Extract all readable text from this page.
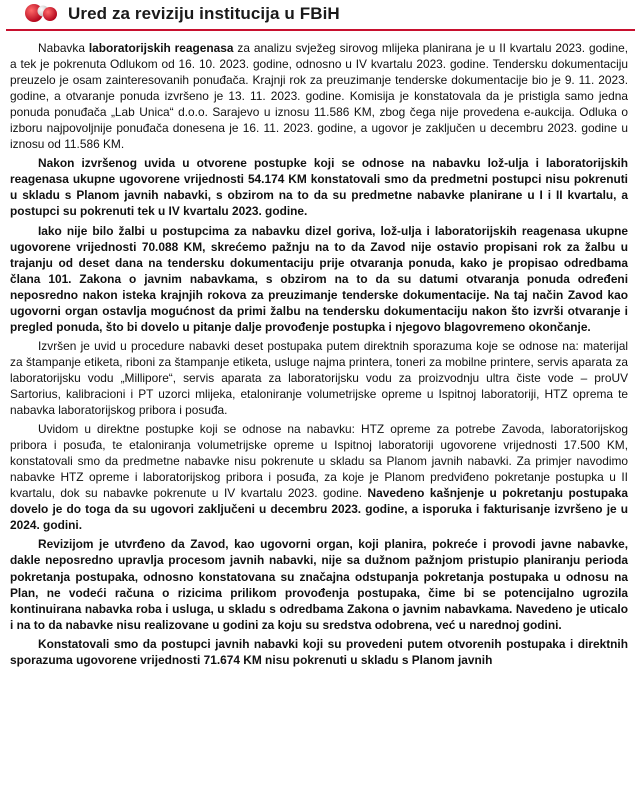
Ured za reviziju institucija u FBiH

Nabavka laboratorijskih reagenasa za analizu svježeg sirovog mlijeka planirana je u II kvartalu 2023. godine, a tek je pokrenuta Odlukom od 16. 10. 2023. godine, odnosno u IV kvartalu 2023. godine. Tendersku dokumentaciju preuzelo je osam zainteresovanih ponuđača. Krajnji rok za preuzimanje tenderske dokumentacije bio je 9. 11. 2023. godine, a otvaranje ponuda izvršeno je 13. 11. 2023. godine. Komisija je konstatovala da je pristigla samo jedna ponuda ponuđača „Lab Unica“ d.o.o. Sarajevo u iznosu 11.586 KM, zbog čega nije provedena e-aukcija. Odluka o izboru najpovoljnije ponuđača donesena je 16. 11. 2023. godine, a ugovor je zaključen u decembru 2023. godine u iznosu od 11.586 KM.

Nakon izvršenog uvida u otvorene postupke koji se odnose na nabavku lož-ulja i laboratorijskih reagenasa ukupne ugovorene vrijednosti 54.174 KM konstatovali smo da predmetni postupci nisu pokrenuti u skladu s Planom javnih nabavki, s obzirom na to da su predmetne nabavke planirane u I i II kvartalu, a postupci su pokrenuti tek u IV kvartalu 2023. godine.

Iako nije bilo žalbi u postupcima za nabavku dizel goriva, lož-ulja i laboratorijskih reagenasa ukupne ugovorene vrijednosti 70.088 KM, skrećemo pažnju na to da Zavod nije ostavio propisani rok za žalbu u trajanju od deset dana na tendersku dokumentaciju prije otvaranja ponuda, kako je propisao odredbama člana 101. Zakona o javnim nabavkama, s obzirom na to da su datumi otvaranja ponuda određeni neposredno nakon isteka krajnjih rokova za preuzimanje tenderske dokumentacije. Na taj način Zavod kao ugovorni organ ostavlja mogućnost da primi žalbu na tendersku dokumentaciju nakon što izvrši otvaranje i pregled ponuda, što bi dovelo u pitanje dalje provođenje postupka i njegovo blagovremeno okončanje.

Izvršen je uvid u procedure nabavki deset postupaka putem direktnih sporazuma koje se odnose na: materijal za štampanje etiketa, riboni za štampanje etiketa, usluge najma printera, toneri za mobilne printere, servis aparata za laboratorijsku vodu „Millipore“, servis aparata za laboratorijsku vodu za proizvodnju ultra čiste vode – proUV Sartorius, kalibracioni i PT uzorci mlijeka, etaloniranje volumetrijske opreme u Ispitnoj laboratoriji, HTZ oprema te nabavka laboratorijskog pribora i posuđa.

Uvidom u direktne postupke koji se odnose na nabavku: HTZ opreme za potrebe Zavoda, laboratorijskog pribora i posuđa, te etaloniranja volumetrijske opreme u Ispitnoj laboratoriji ugovorene vrijednosti 17.500 KM, konstatovali smo da predmetne nabavke nisu pokrenute u skladu sa Planom javnih nabavki. Za primjer navodimo nabavke HTZ opreme i laboratorijskog pribora i posuđa, za koje je Planom predviđeno pokretanje postupka u II kvartalu, dok su nabavke pokrenute u IV kvartalu 2023. godine. Navedeno kašnjenje u pokretanju postupaka dovelo je do toga da su ugovori zaključeni u decembru 2023. godine, a isporuka i fakturisanje izvršeno je u 2024. godini.

Revizijom je utvrđeno da Zavod, kao ugovorni organ, koji planira, pokreće i provodi javne nabavke, dakle neposredno upravlja procesom javnih nabavki, nije sa dužnom pažnjom pristupio planiranju perioda pokretanja postupaka, odnosno konstatovana su značajna odstupanja pokretanja postupaka u odnosu na Plan, ne vodeći računa o rizicima prilikom provođenja postupaka, čime bi se potencijalno ugrozila kontinuirana nabavka roba i usluga, u skladu s odredbama Zakona o javnim nabavkama. Navedeno je uticalo i na to da nabavke nisu realizovane u godini za koju su sredstva odobrena, već u narednoj godini.

Konstatovali smo da postupci javnih nabavki koji su provedeni putem otvorenih postupaka i direktnih sporazuma ugovorene vrijednosti 71.674 KM nisu pokrenuti u skladu s Planom javnih
